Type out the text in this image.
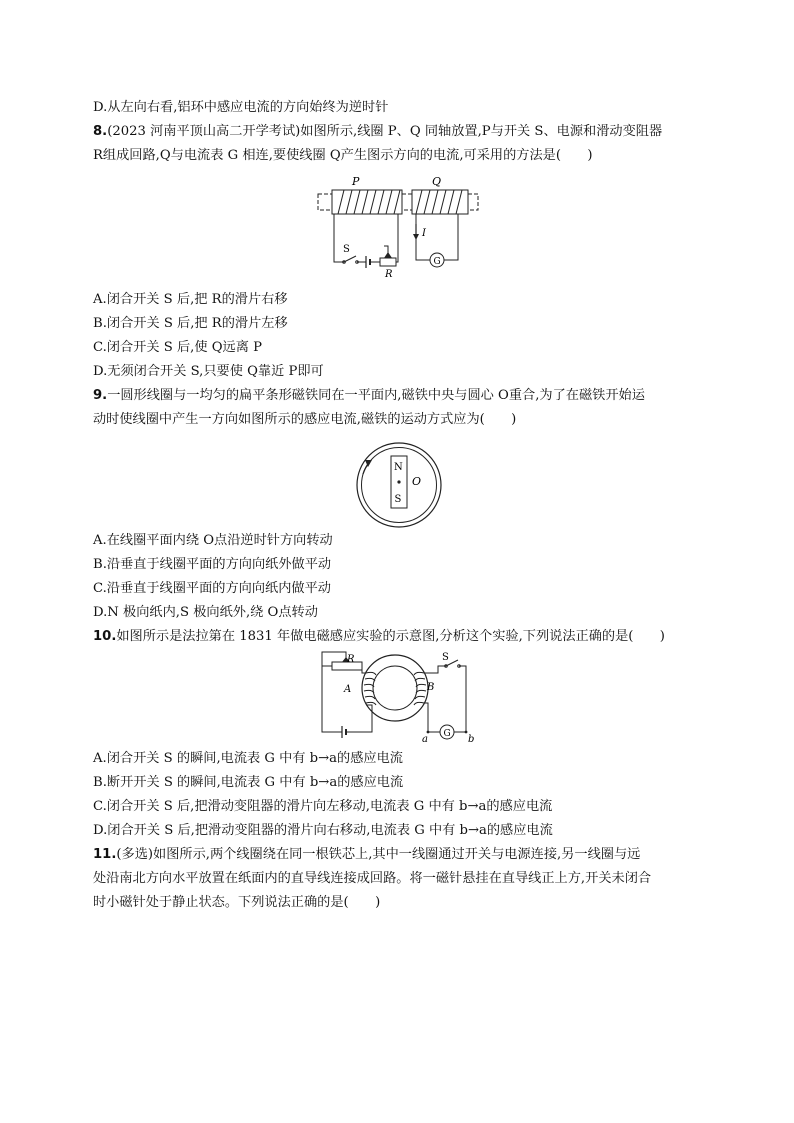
D.从左向右看,铝环中感应电流的方向始终为逆时针
8.(2023 河南平顶山高二开学考试)如图所示,线圈 P、Q 同轴放置,P与开关 S、电源和滑动变阻器
R组成回路,Q与电流表 G 相连,要使线圈 Q产生图示方向的电流,可采用的方法是(　　)
P	Q
S
R
I
G
A.闭合开关 S 后,把 R的滑片右移
B.闭合开关 S 后,把 R的滑片左移
C.闭合开关 S 后,使 Q远离 P
D.无须闭合开关 S,只要使 Q靠近 P即可
9.一圆形线圈与一均匀的扁平条形磁铁同在一平面内,磁铁中央与圆心 O重合,为了在磁铁开始运
动时使线圈中产生一方向如图所示的感应电流,磁铁的运动方式应为(　　)
N
S
O
A.在线圈平面内绕 O点沿逆时针方向转动
B.沿垂直于线圈平面的方向向纸外做平动
C.沿垂直于线圈平面的方向向纸内做平动
D.N 极向纸内,S 极向纸外,绕 O点转动
10.如图所示是法拉第在 1831 年做电磁感应实验的示意图,分析这个实验,下列说法正确的是(　　)
R	S
A	B
G
a	b
A.闭合开关 S 的瞬间,电流表 G 中有 b→a的感应电流
B.断开开关 S 的瞬间,电流表 G 中有 b→a的感应电流
C.闭合开关 S 后,把滑动变阻器的滑片向左移动,电流表 G 中有 b→a的感应电流
D.闭合开关 S 后,把滑动变阻器的滑片向右移动,电流表 G 中有 b→a的感应电流
11.(多选)如图所示,两个线圈绕在同一根铁芯上,其中一线圈通过开关与电源连接,另一线圈与远
处沿南北方向水平放置在纸面内的直导线连接成回路。将一磁针悬挂在直导线正上方,开关未闭合
时小磁针处于静止状态。下列说法正确的是(　　)
